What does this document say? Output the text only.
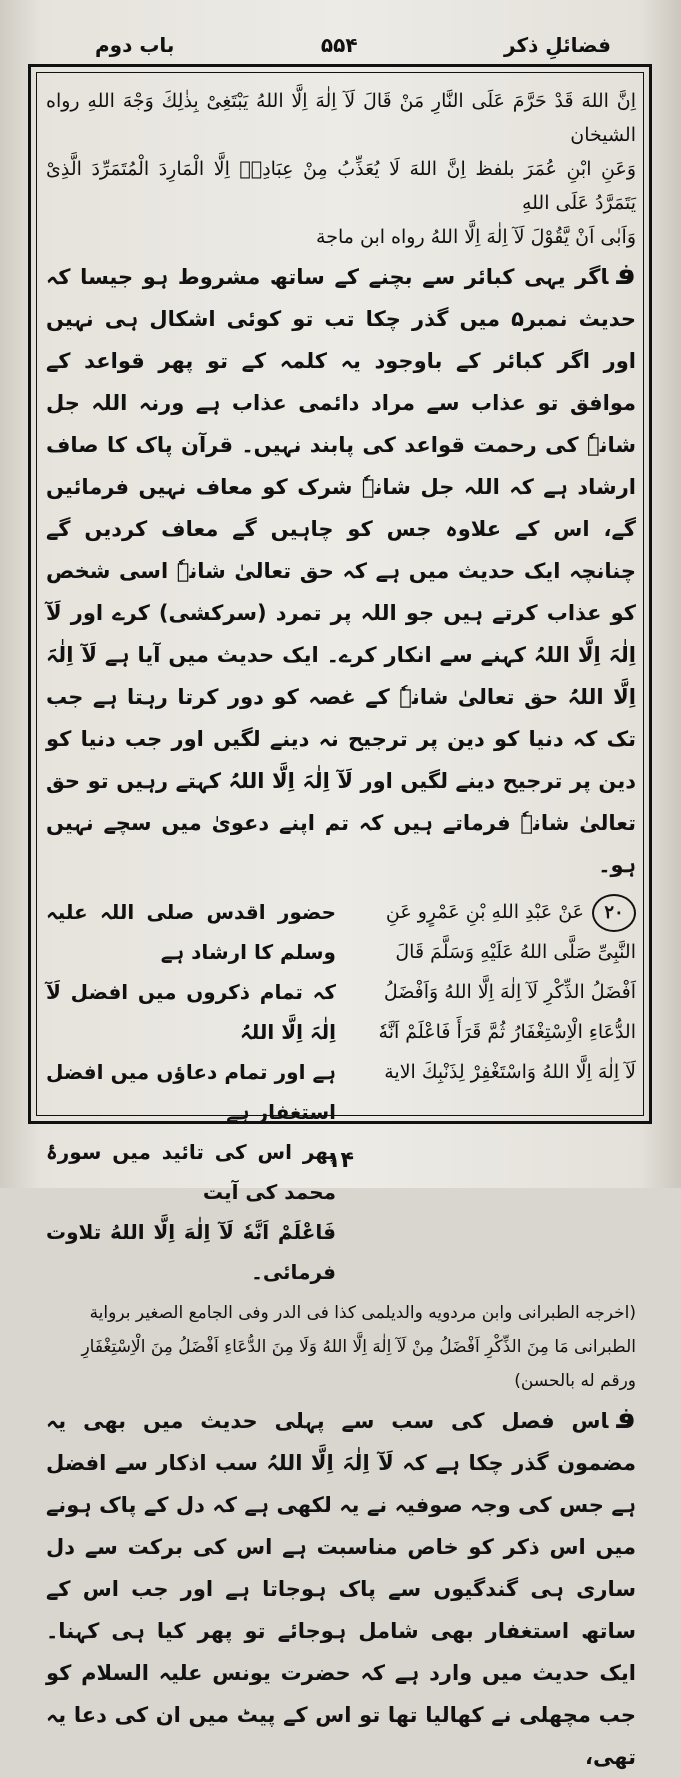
باب دوم	۵۵۴	فضائلِ ذکر

اِنَّ اللهَ قَدْ حَرَّمَ عَلَى النَّارِ مَنْ قَالَ لَآ اِلٰهَ اِلَّا اللهُ يَبْتَغِىْ بِذٰلِكَ وَجْهَ اللهِ رواه الشيخان

وَعَنِ ابْنِ عُمَرَ بلفظ اِنَّ اللهَ لَا يُعَذِّبُ مِنْ عِبَادِهٖ اِلَّا الْمَارِدَ الْمُتَمَرِّدَ الَّذِىْ يَتَمَرَّدُ عَلَى اللهِ

وَاَبٰى اَنْ يَّقُوْلَ لَآ اِلٰهَ اِلَّا اللهُ رواه ابن ماجة

فاگر یہی کبائر سے بچنے کے ساتھ مشروط ہو جیسا کہ حدیث نمبر۵ میں گذر چکا تب تو کوئی اشکال ہی نہیں اور اگر کبائر کے باوجود یہ کلمہ کے تو پھر قواعد کے موافق تو عذاب سے مراد دائمی عذاب ہے ورنہ اللہ جل شانہٗ کی رحمت قواعد کی پابند نہیں۔ قرآن پاک کا صاف ارشاد ہے کہ اللہ جل شانہٗ شرک کو معاف نہیں فرمائیں گے، اس کے علاوہ جس کو چاہیں گے معاف کردیں گے چنانچہ ایک حدیث میں ہے کہ حق تعالیٰ شانہٗ اسی شخص کو عذاب کرتے ہیں جو اللہ پر تمرد (سرکشی) کرے اور لَآ اِلٰہَ اِلَّا اللہُ کہنے سے انکار کرے۔ ایک حدیث میں آیا ہے لَآ اِلٰہَ اِلَّا اللہُ حق تعالیٰ شانہٗ کے غصہ کو دور کرتا رہتا ہے جب تک کہ دنیا کو دین پر ترجیح نہ دینے لگیں اور جب دنیا کو دین پر ترجیح دینے لگیں اور لَآ اِلٰہَ اِلَّا اللہُ کہتے رہیں تو حق تعالیٰ شانہٗ فرماتے ہیں کہ تم اپنے دعویٰ میں سچے نہیں ہو۔

۲۰عَنْ عَبْدِ اللهِ بْنِ عَمْرٍو عَنِ
النَّبِىِّ صَلَّى اللهُ عَلَيْهِ وَسَلَّمَ قَالَ
اَفْضَلُ الذِّكْرِ لَآ اِلٰهَ اِلَّا اللهُ وَاَفْضَلُ
الدُّعَاءِ الْاِسْتِغْفَارُ ثُمَّ قَرَأَ فَاعْلَمْ اَنَّهٗ
لَآ اِلٰهَ اِلَّا اللهُ وَاسْتَغْفِرْ لِذَنْبِكَ الاية
حضور اقدس صلی اللہ علیہ وسلم کا ارشاد ہے
کہ تمام ذکروں میں افضل لَآ اِلٰہَ اِلَّا اللہُ
ہے اور تمام دعاؤں میں افضل استغفار ہے
پھر اس کی تائید میں سورۂ محمد کی آیت
فَاعْلَمْ اَنَّهٗ لَآ اِلٰهَ اِلَّا اللهُ تلاوت فرمائی۔

(اخرجه الطبرانى وابن مردويه والديلمى كذا فى الدر وفى الجامع الصغير برواية

الطبرانى مَا مِنَ الذِّكْرِ اَفْضَلُ مِنْ لَآ اِلٰهَ اِلَّا اللهُ وَلَا مِنَ الدُّعَاءِ اَفْضَلُ مِنَ الْاِسْتِغْفَارِ

ورقم له بالحسن)

فاس فصل کی سب سے پہلی حدیث میں بھی یہ مضمون گذر چکا ہے کہ لَآ اِلٰہَ اِلَّا اللہُ سب اذکار سے افضل ہے جس کی وجہ صوفیہ نے یہ لکھی ہے کہ دل کے پاک ہونے میں اس ذکر کو خاص مناسبت ہے اس کی برکت سے دل ساری ہی گندگیوں سے پاک ہوجاتا ہے اور جب اس کے ساتھ استغفار بھی شامل ہوجائے تو پھر کیا ہی کہنا۔ ایک حدیث میں وارد ہے کہ حضرت یونس علیہ السلام کو جب مچھلی نے کھالیا تھا تو اس کے پیٹ میں ان کی دعا یہ تھی،

۱۴
